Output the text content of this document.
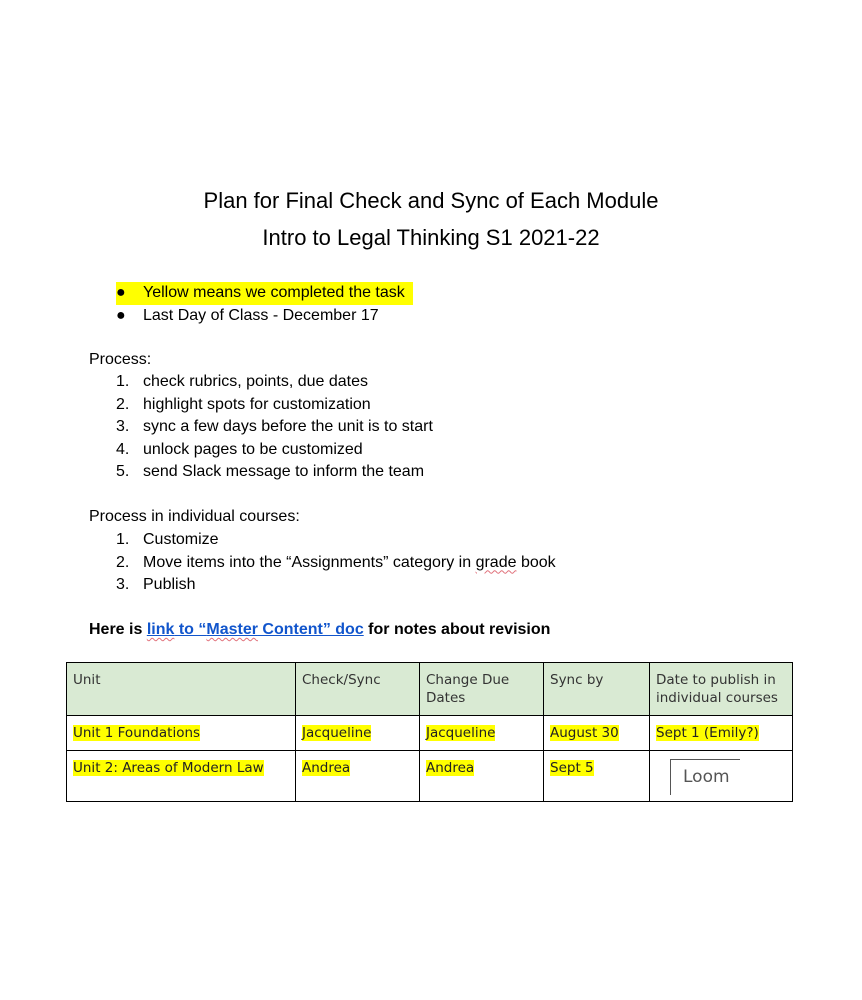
Plan for Final Check and Sync of Each Module
Intro to Legal Thinking S1 2021-22
●	Yellow means we completed the task
●	Last Day of Class - December 17
Process:
1. check rubrics, points, due dates
2. highlight spots for customization
3. sync a few days before the unit is to start
4. unlock pages to be customized
5. send Slack message to inform the team
Process in individual courses:
1. Customize
2. Move items into the “Assignments” category in grade book
3. Publish
Here is link to “Master Content” doc for notes about revision
Unit	Check/Sync	Change Due Dates	Sync by	Date to publish in individual courses
Unit 1 Foundations	Jacqueline	Jacqueline	August 30	Sept 1 (Emily?)
Unit 2: Areas of Modern Law	Andrea	Andrea	Sept 5	Loom
